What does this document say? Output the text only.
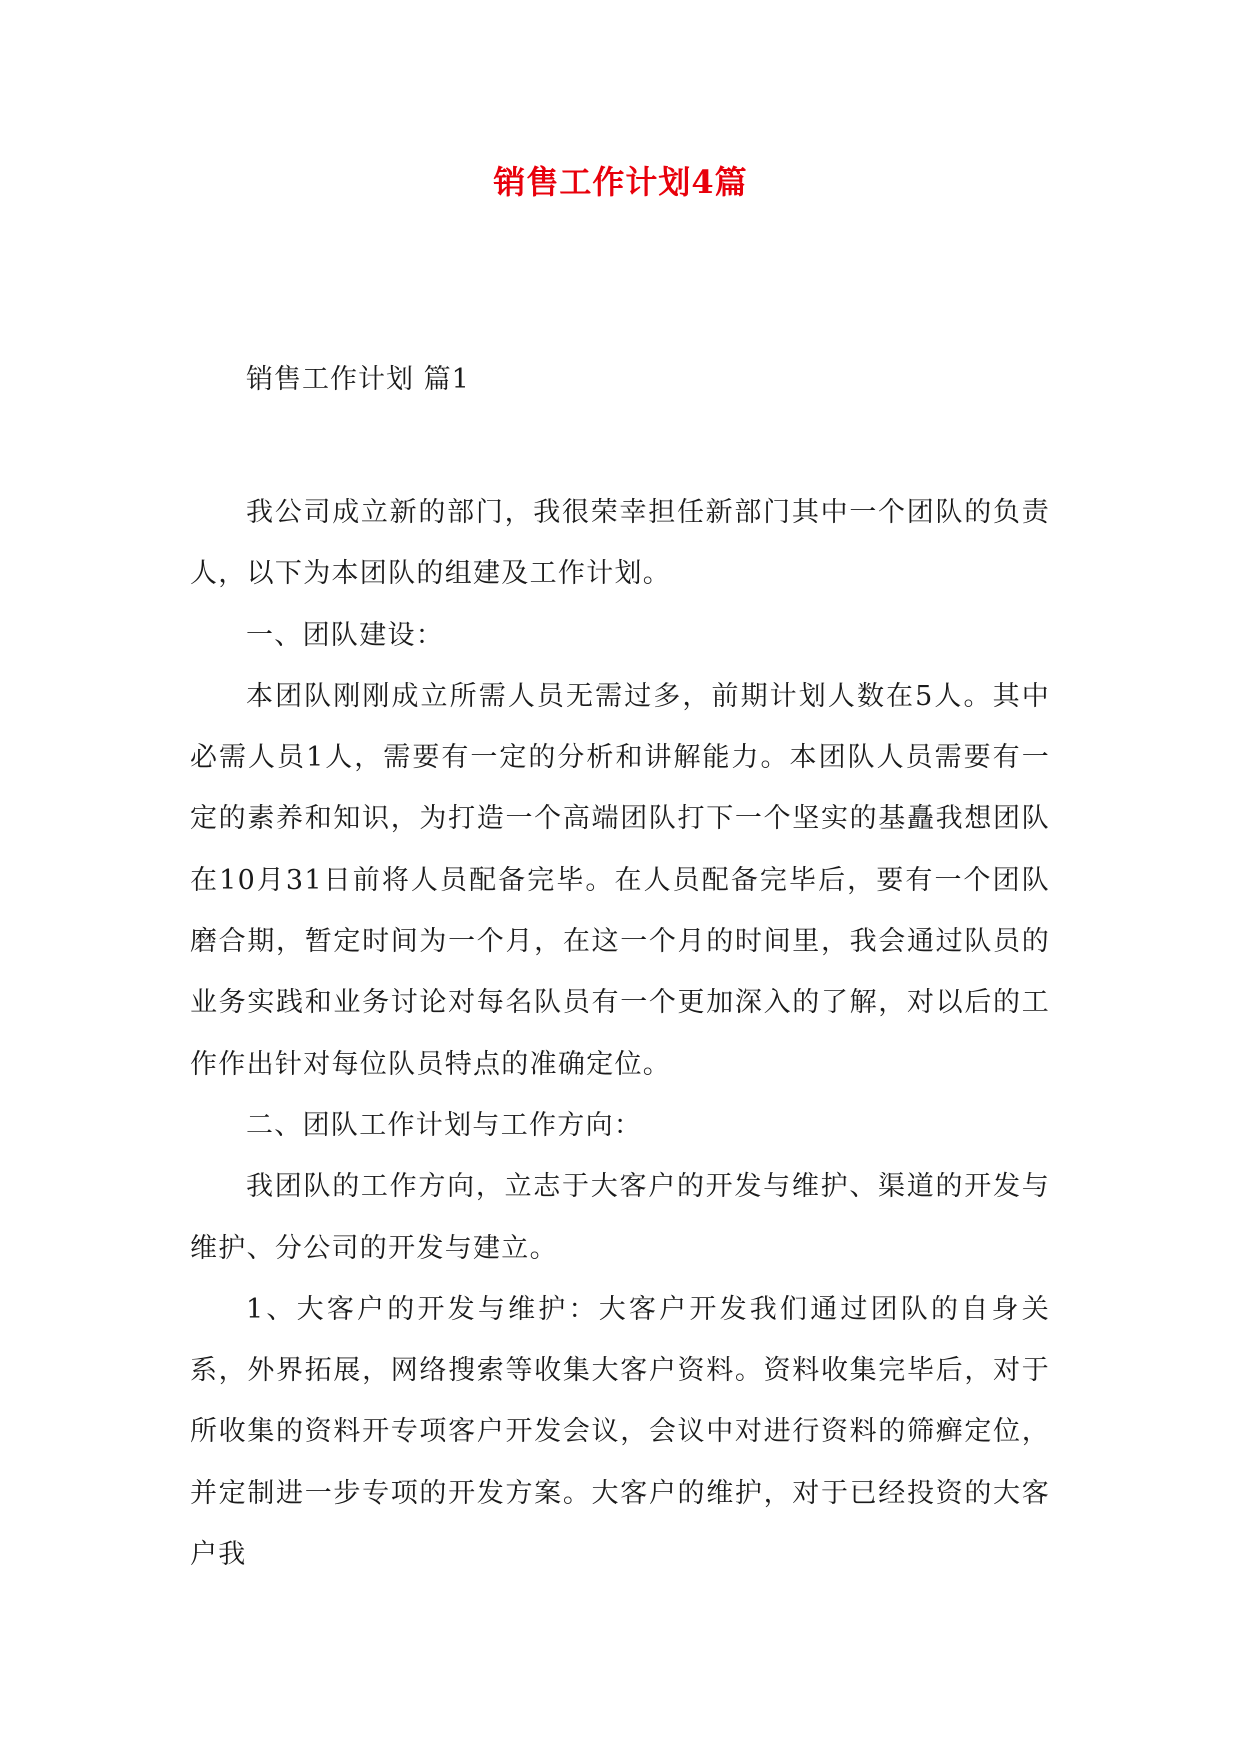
销售工作计划4篇
销售工作计划 篇1

我公司成立新的部门，我很荣幸担任新部门其中一个团队的负责人，以下为本团队的组建及工作计划。

一、团队建设：

本团队刚刚成立所需人员无需过多，前期计划人数在5人。其中必需人员1人，需要有一定的分析和讲解能力。本团队人员需要有一定的素养和知识，为打造一个高端团队打下一个坚实的基矗我想团队在10月31日前将人员配备完毕。在人员配备完毕后，要有一个团队磨合期，暂定时间为一个月，在这一个月的时间里，我会通过队员的业务实践和业务讨论对每名队员有一个更加深入的了解，对以后的工作作出针对每位队员特点的准确定位。

二、团队工作计划与工作方向：

我团队的工作方向，立志于大客户的开发与维护、渠道的开发与维护、分公司的开发与建立。

1、大客户的开发与维护：大客户开发我们通过团队的自身关系，外界拓展，网络搜索等收集大客户资料。资料收集完毕后，对于所收集的资料开专项客户开发会议，会议中对进行资料的筛癣定位，并定制进一步专项的开发方案。大客户的维护，对于已经投资的大客户我
